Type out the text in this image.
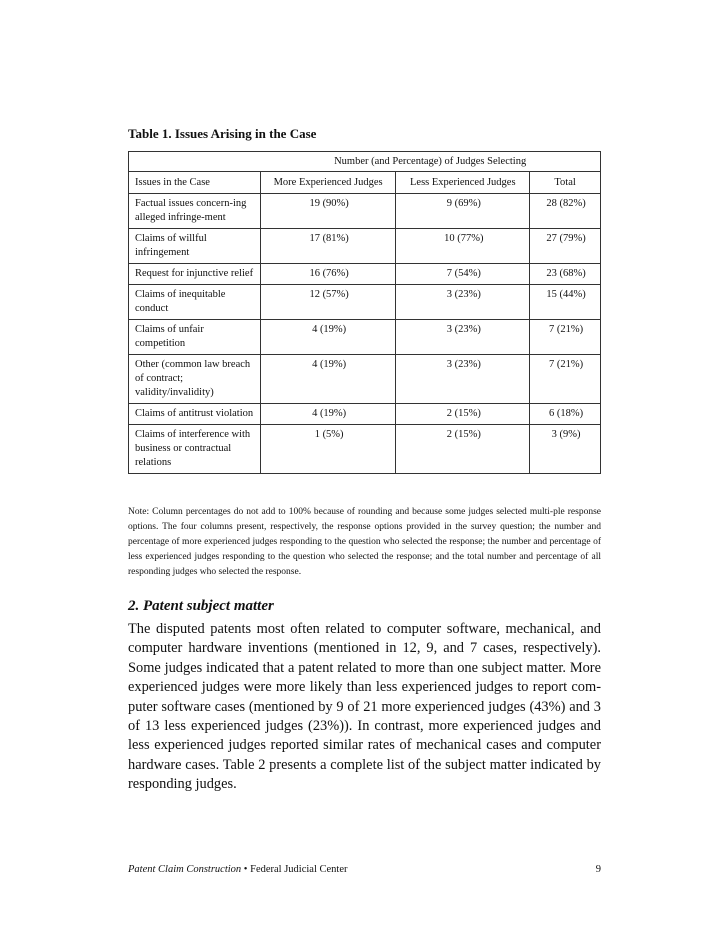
Table 1. Issues Arising in the Case
	Number (and Percentage) of Judges Selecting		
Issues in the Case	More Experienced Judges	Less Experienced Judges	Total
Factual issues concern-ing alleged infringe-ment	19 (90%)	9 (69%)	28 (82%)
Claims of willful infringement	17 (81%)	10 (77%)	27 (79%)
Request for injunctive relief	16 (76%)	7 (54%)	23 (68%)
Claims of inequitable conduct	12 (57%)	3 (23%)	15 (44%)
Claims of unfair competition	4 (19%)	3 (23%)	7 (21%)
Other (common law breach of contract; validity/invalidity)	4 (19%)	3 (23%)	7 (21%)
Claims of antitrust violation	4 (19%)	2 (15%)	6 (18%)
Claims of interference with business or contractual relations	1 (5%)	2 (15%)	3 (9%)
Note: Column percentages do not add to 100% because of rounding and because some judges selected multi-ple response options. The four columns present, respectively, the response options provided in the survey question; the number and percentage of more experienced judges responding to the question who selected the response; the number and percentage of less experienced judges responding to the question who selected the response; and the total number and percentage of all responding judges who selected the response.
2. Patent subject matter
The disputed patents most often related to computer software, mechanical, and computer hardware inventions (mentioned in 12, 9, and 7 cases, respectively). Some judges indicated that a patent related to more than one subject matter. More experienced judges were more likely than less experienced judges to report com-puter software cases (mentioned by 9 of 21 more experienced judges (43%) and 3 of 13 less experienced judges (23%)). In contrast, more experienced judges and less experienced judges reported similar rates of mechanical cases and computer hardware cases. Table 2 presents a complete list of the subject matter indicated by responding judges.
Patent Claim Construction • Federal Judicial Center	9
